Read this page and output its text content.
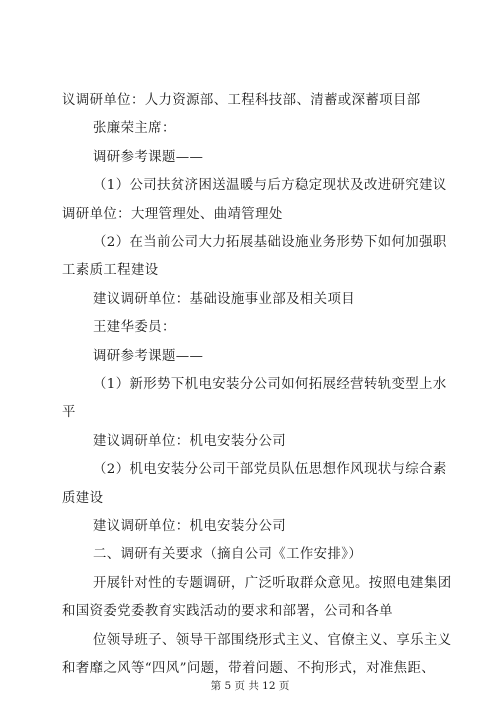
议调研单位：人力资源部、工程科技部、清蓄或深蓄项目部
张廉荣主席：
调研参考课题——
（1）公司扶贫济困送温暖与后方稳定现状及改进研究建议
调研单位：大理管理处、曲靖管理处
（2）在当前公司大力拓展基础设施业务形势下如何加强职
工素质工程建设
建议调研单位：基础设施事业部及相关项目
王建华委员：
调研参考课题——
（1）新形势下机电安装分公司如何拓展经营转轨变型上水
平
建议调研单位：机电安装分公司
（2）机电安装分公司干部党员队伍思想作风现状与综合素
质建设
建议调研单位：机电安装分公司
二、调研有关要求（摘自公司《工作安排》）
开展针对性的专题调研，广泛听取群众意见。按照电建集团
和国资委党委教育实践活动的要求和部署，公司和各单
位领导班子、领导干部围绕形式主义、官僚主义、享乐主义
和奢靡之风等“四风”问题，带着问题、不拘形式，对准焦距、
第 5 页 共 12 页
